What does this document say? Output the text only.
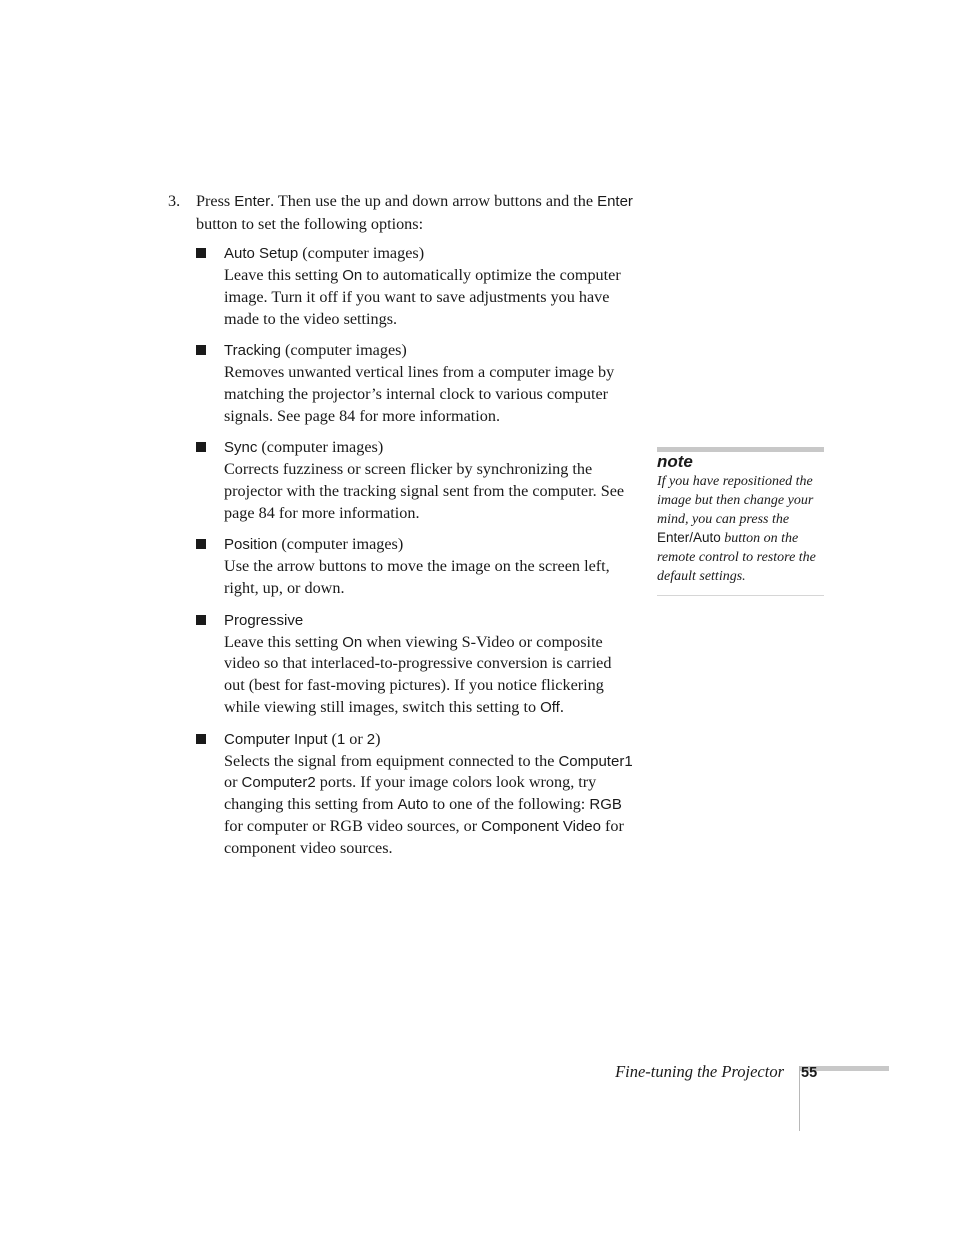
3. Press Enter. Then use the up and down arrow buttons and the Enter button to set the following options:
Auto Setup (computer images)
Leave this setting On to automatically optimize the computer image. Turn it off if you want to save adjustments you have made to the video settings.
Tracking (computer images)
Removes unwanted vertical lines from a computer image by matching the projector’s internal clock to various computer signals. See page 84 for more information.
Sync (computer images)
Corrects fuzziness or screen flicker by synchronizing the projector with the tracking signal sent from the computer. See page 84 for more information.
Position (computer images)
Use the arrow buttons to move the image on the screen left, right, up, or down.
Progressive
Leave this setting On when viewing S-Video or composite video so that interlaced-to-progressive conversion is carried out (best for fast-moving pictures). If you notice flickering while viewing still images, switch this setting to Off.
Computer Input (1 or 2)
Selects the signal from equipment connected to the Computer1 or Computer2 ports. If your image colors look wrong, try changing this setting from Auto to one of the following: RGB for computer or RGB video sources, or Component Video for component video sources.
note
If you have repositioned the image but then change your mind, you can press the Enter/Auto button on the remote control to restore the default settings.
Fine-tuning the Projector 55
